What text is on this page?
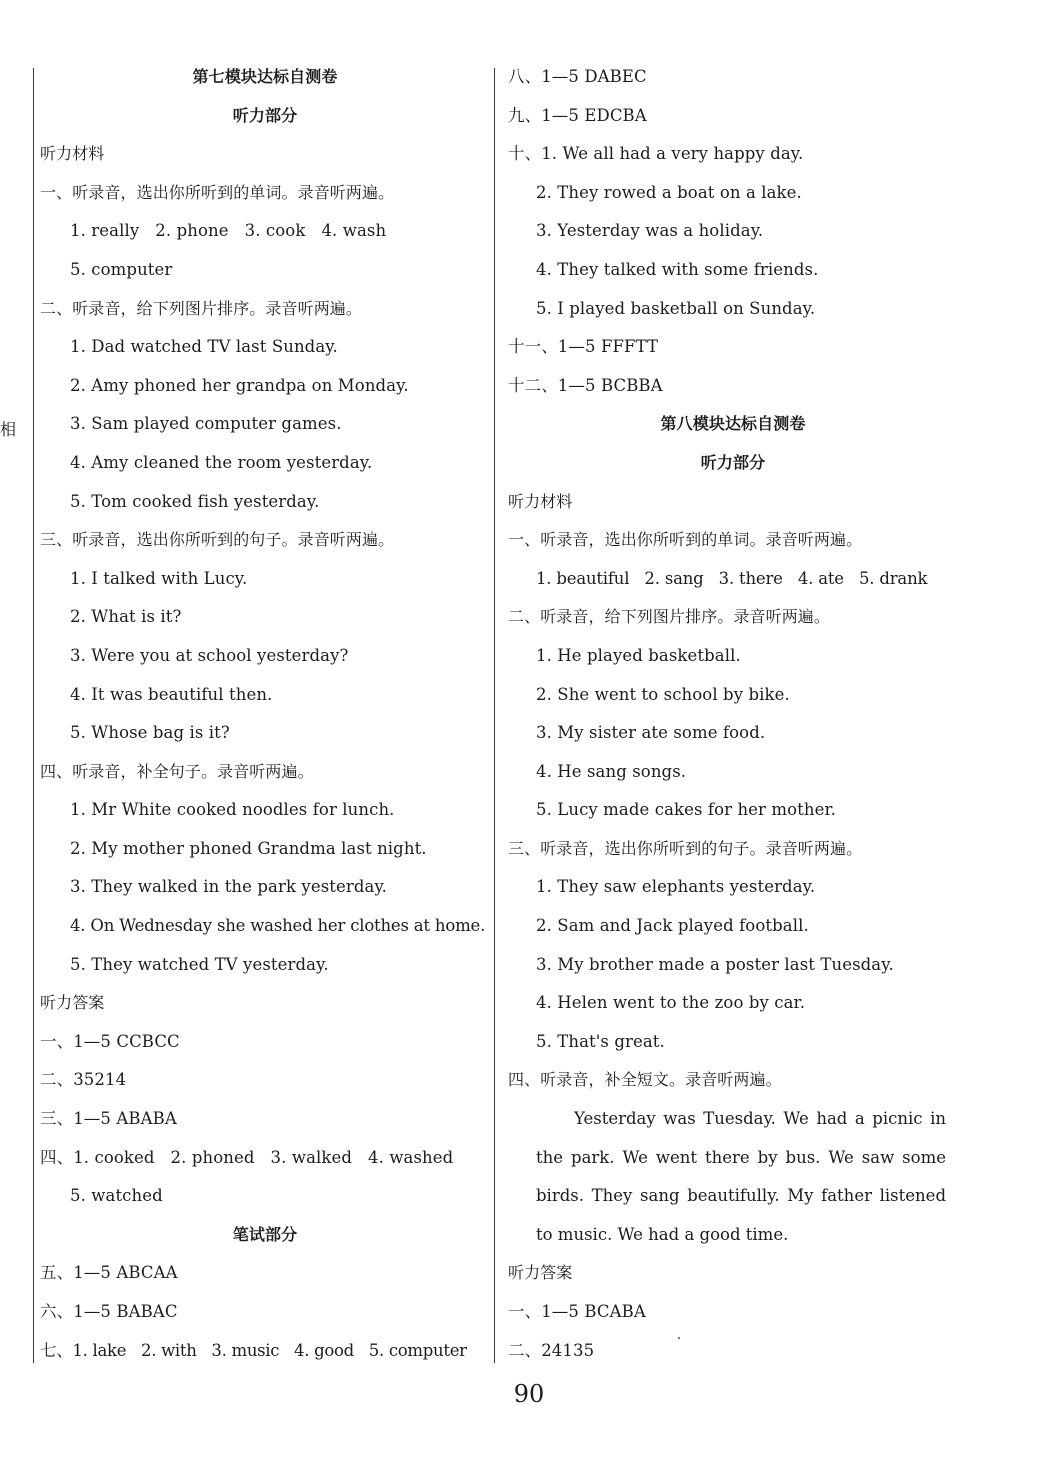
相
第七模块达标自测卷
听力部分
听力材料
一、听录音，选出你所听到的单词。录音听两遍。
1. really   2. phone   3. cook   4. wash
5. computer
二、听录音，给下列图片排序。录音听两遍。
1. Dad watched TV last Sunday.
2. Amy phoned her grandpa on Monday.
3. Sam played computer games.
4. Amy cleaned the room yesterday.
5. Tom cooked fish yesterday.
三、听录音，选出你所听到的句子。录音听两遍。
1. I talked with Lucy.
2. What is it?
3. Were you at school yesterday?
4. It was beautiful then.
5. Whose bag is it?
四、听录音，补全句子。录音听两遍。
1. Mr White cooked noodles for lunch.
2. My mother phoned Grandma last night.
3. They walked in the park yesterday.
4. On Wednesday she washed her clothes at home.
5. They watched TV yesterday.
听力答案
一、1—5 CCBCC
二、35214
三、1—5 ABABA
四、1. cooked   2. phoned   3. walked   4. washed
5. watched
笔试部分
五、1—5 ABCAA
六、1—5 BABAC
七、1. lake   2. with   3. music   4. good   5. computer
八、1—5 DABEC
九、1—5 EDCBA
十、1. We all had a very happy day.
2. They rowed a boat on a lake.
3. Yesterday was a holiday.
4. They talked with some friends.
5. I played basketball on Sunday.
十一、1—5 FFFTT
十二、1—5 BCBBA
第八模块达标自测卷
听力部分
听力材料
一、听录音，选出你所听到的单词。录音听两遍。
1. beautiful   2. sang   3. there   4. ate   5. drank
二、听录音，给下列图片排序。录音听两遍。
1. He played basketball.
2. She went to school by bike.
3. My sister ate some food.
4. He sang songs.
5. Lucy made cakes for her mother.
三、听录音，选出你所听到的句子。录音听两遍。
1. They saw elephants yesterday.
2. Sam and Jack played football.
3. My brother made a poster last Tuesday.
4. Helen went to the zoo by car.
5. That's great.
四、听录音，补全短文。录音听两遍。
Yesterday was Tuesday. We had a picnic in the park. We went there by bus. We saw some birds. They sang beautifully. My father listened to music. We had a good time.
听力答案
一、1—5 BCABA
二、24135
90
